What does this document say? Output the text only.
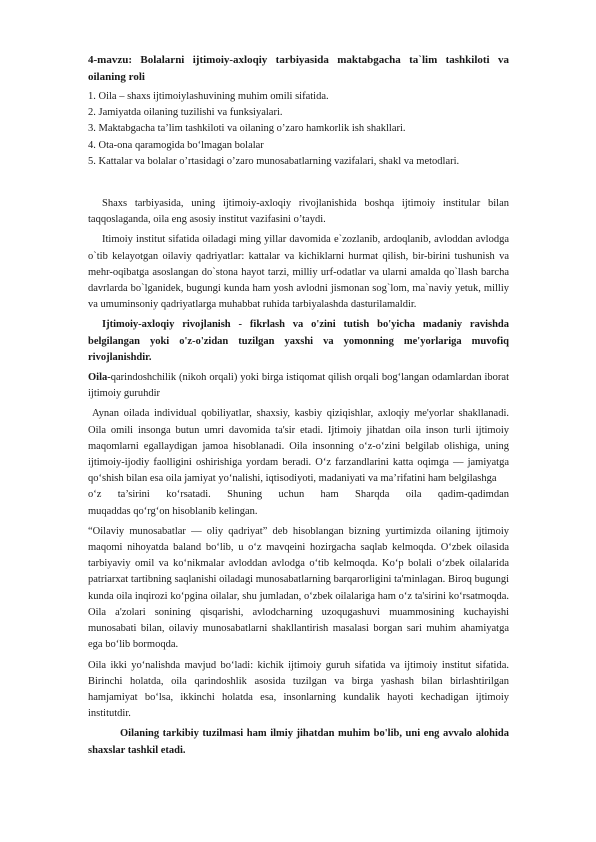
4-mavzu: Bolalarni ijtimoiy-axloqiy tarbiyasida maktabgacha ta`lim tashkiloti va oilaning roli
1. Oila – shaxs ijtimoiylashuvining muhim omili sifatida.
2. Jamiyatda oilaning tuzilishi va funksiyalari.
3. Maktabgacha ta’lim tashkiloti va oilaning o’zaro hamkorlik ish shakllari.
4. Ota-ona qaramogida bo‘lmagan bolalar
5. Kattalar va bolalar o’rtasidagi o’zaro munosabatlarning vazifalari, shakl va metodlari.

Shaxs tarbiyasida, uning ijtimoiy-axloqiy rivojlanishida boshqa ijtimoiy institular bilan taqqoslaganda, oila eng asosiy institut vazifasini o’taydi.

Itimoiy institut sifatida oiladagi ming yillar davomida e`zozlanib, ardoqlanib, avloddan avlodga o`tib kelayotgan oilaviy qadriyatlar: kattalar va kichiklarni hurmat qilish, bir-birini tushunish va mehr-oqibatga asoslangan do`stona hayot tarzi, milliy urf-odatlar va ularni amalda qo`llash barcha davrlarda bo`lganidek, bugungi kunda ham yosh avlodni jismonan sog`lom, ma`naviy yetuk, milliy va umuminsoniy qadriyatlarga muhabbat ruhida tarbiyalashda dasturilamaldir.

Ijtimoiy-axloqiy rivojlanish - fikrlash va o'zini tutish bo'yicha madaniy ravishda belgilangan yoki o'z-o'zidan tuzilgan yaxshi va yomonning me'yorlariga muvofiq rivojlanishdir.

Oila-qarindoshchilik (nikoh orqali) yoki birga istiqomat qilish orqali bog‘langan odamlardan iborat ijtimoiy guruhdir

Aynan oilada individual qobiliyatlar, shaxsiy, kasbiy qiziqishlar, axloqiy me'yorlar shakllanadi. Oila omili insonga butun umri davomida ta'sir etadi. Ijtimoiy jihatdan oila inson turli ijtimoiy maqomlarni egallaydigan jamoa hisoblanadi. Oila insonning o‘z-o‘zini belgilab olishiga, uning ijtimoiy-ijodiy faolligini oshirishiga yordam beradi. O‘z farzandlarini katta oqimga — jamiyatga qo‘shish bilan esa oila jamiyat yo‘nalishi, iqtisodiyoti, madaniyati va ma’rifatini ham belgilashga

o‘z ta’sirini ko‘rsatadi. Shuning uchun ham Sharqda oila qadim-qadimdan

muqaddas qo‘rg‘on hisoblanib kelingan.

“Oilaviy munosabatlar — oliy qadriyat” deb hisoblangan bizning yurtimizda oilaning ijtimoiy maqomi nihoyatda baland bo‘lib, u o‘z mavqeini hozirgacha saqlab kelmoqda. O‘zbek oilasida tarbiyaviy omil va ko‘nikmalar avloddan avlodga o‘tib kelmoqda. Ko‘p bolali o‘zbek oilalarida patriarxat tartibning saqlanishi oiladagi munosabatlarning barqarorligini ta'minlagan. Biroq bugungi kunda oila inqirozi ko‘pgina oilalar, shu jumladan, o‘zbek oilalariga ham o‘z ta'sirini ko‘rsatmoqda. Oila a'zolari sonining qisqarishi, avlodcharning uzoqugashuvi muammosining kuchayishi munosabati bilan, oilaviy munosabatlarni shakllantirish masalasi borgan sari muhim ahamiyatga ega bo‘lib bormoqda.

Oila ikki yo‘nalishda mavjud bo‘ladi: kichik ijtimoiy guruh sifatida va ijtimoiy institut sifatida. Birinchi holatda, oila qarindoshlik asosida tuzilgan va birga yashash bilan birlashtirilgan hamjamiyat bo‘lsa, ikkinchi holatda esa, insonlarning kundalik hayoti kechadigan ijtimoiy institutdir.

Oilaning tarkibiy tuzilmasi ham ilmiy jihatdan muhim bo'lib, uni eng avvalo alohida shaxslar tashkil etadi.
